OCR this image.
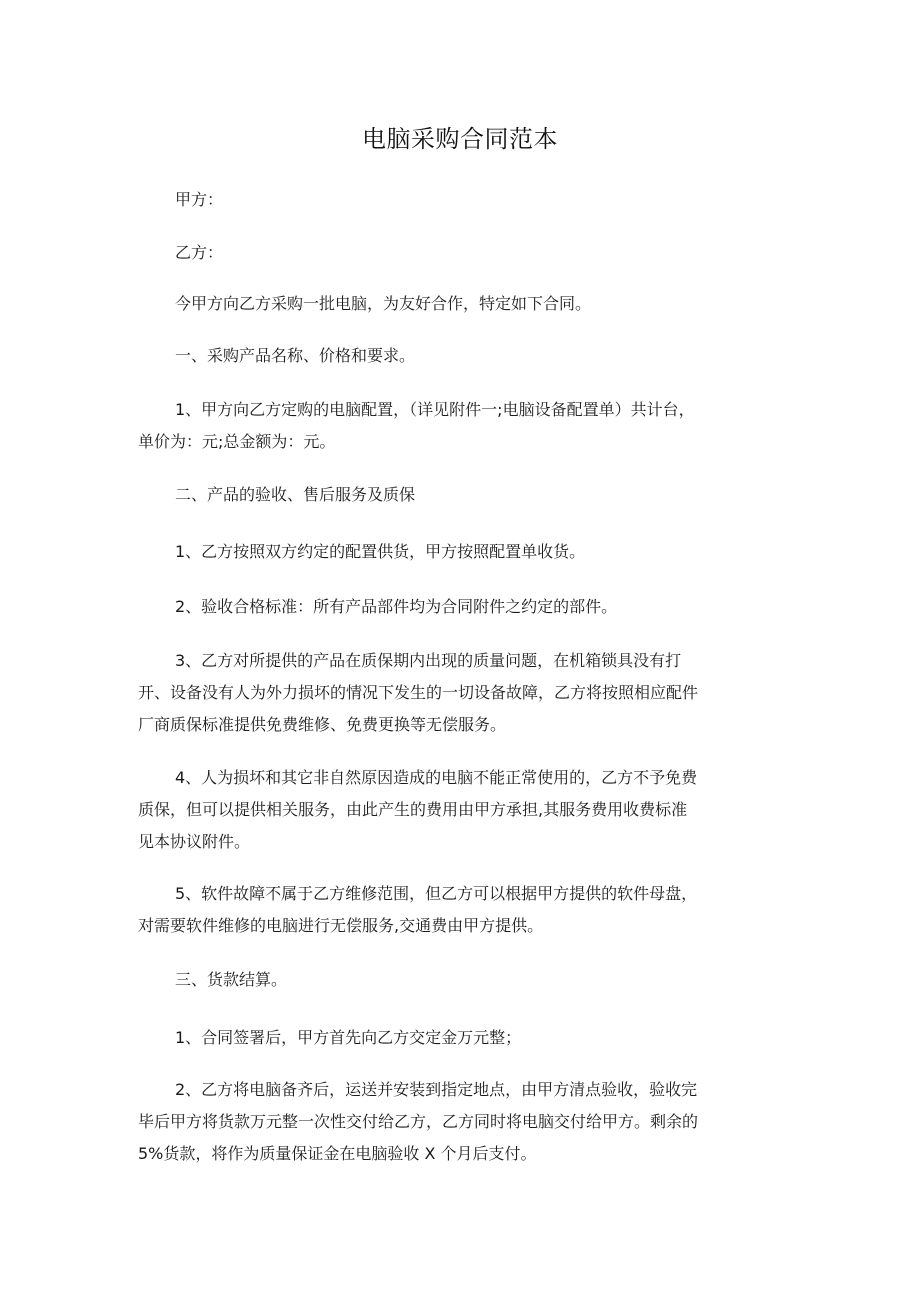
电脑采购合同范本

甲方：

乙方：

今甲方向乙方采购一批电脑，为友好合作，特定如下合同。

一、采购产品名称、价格和要求。

1、甲方向乙方定购的电脑配置，（详见附件一;电脑设备配置单）共计台，
单价为：元;总金额为：元。

二、产品的验收、售后服务及质保

1、乙方按照双方约定的配置供货，甲方按照配置单收货。

2、验收合格标准：所有产品部件均为合同附件之约定的部件。

3、乙方对所提供的产品在质保期内出现的质量问题，在机箱锁具没有打
开、设备没有人为外力损坏的情况下发生的一切设备故障，乙方将按照相应配件
厂商质保标准提供免费维修、免费更换等无偿服务。

4、人为损坏和其它非自然原因造成的电脑不能正常使用的，乙方不予免费
质保，但可以提供相关服务，由此产生的费用由甲方承担,其服务费用收费标准
见本协议附件。

5、软件故障不属于乙方维修范围，但乙方可以根据甲方提供的软件母盘，
对需要软件维修的电脑进行无偿服务,交通费由甲方提供。

三、货款结算。

1、合同签署后，甲方首先向乙方交定金万元整；

2、乙方将电脑备齐后，运送并安装到指定地点，由甲方清点验收，验收完
毕后甲方将货款万元整一次性交付给乙方，乙方同时将电脑交付给甲方。剩余的
5%货款，将作为质量保证金在电脑验收 X 个月后支付。
